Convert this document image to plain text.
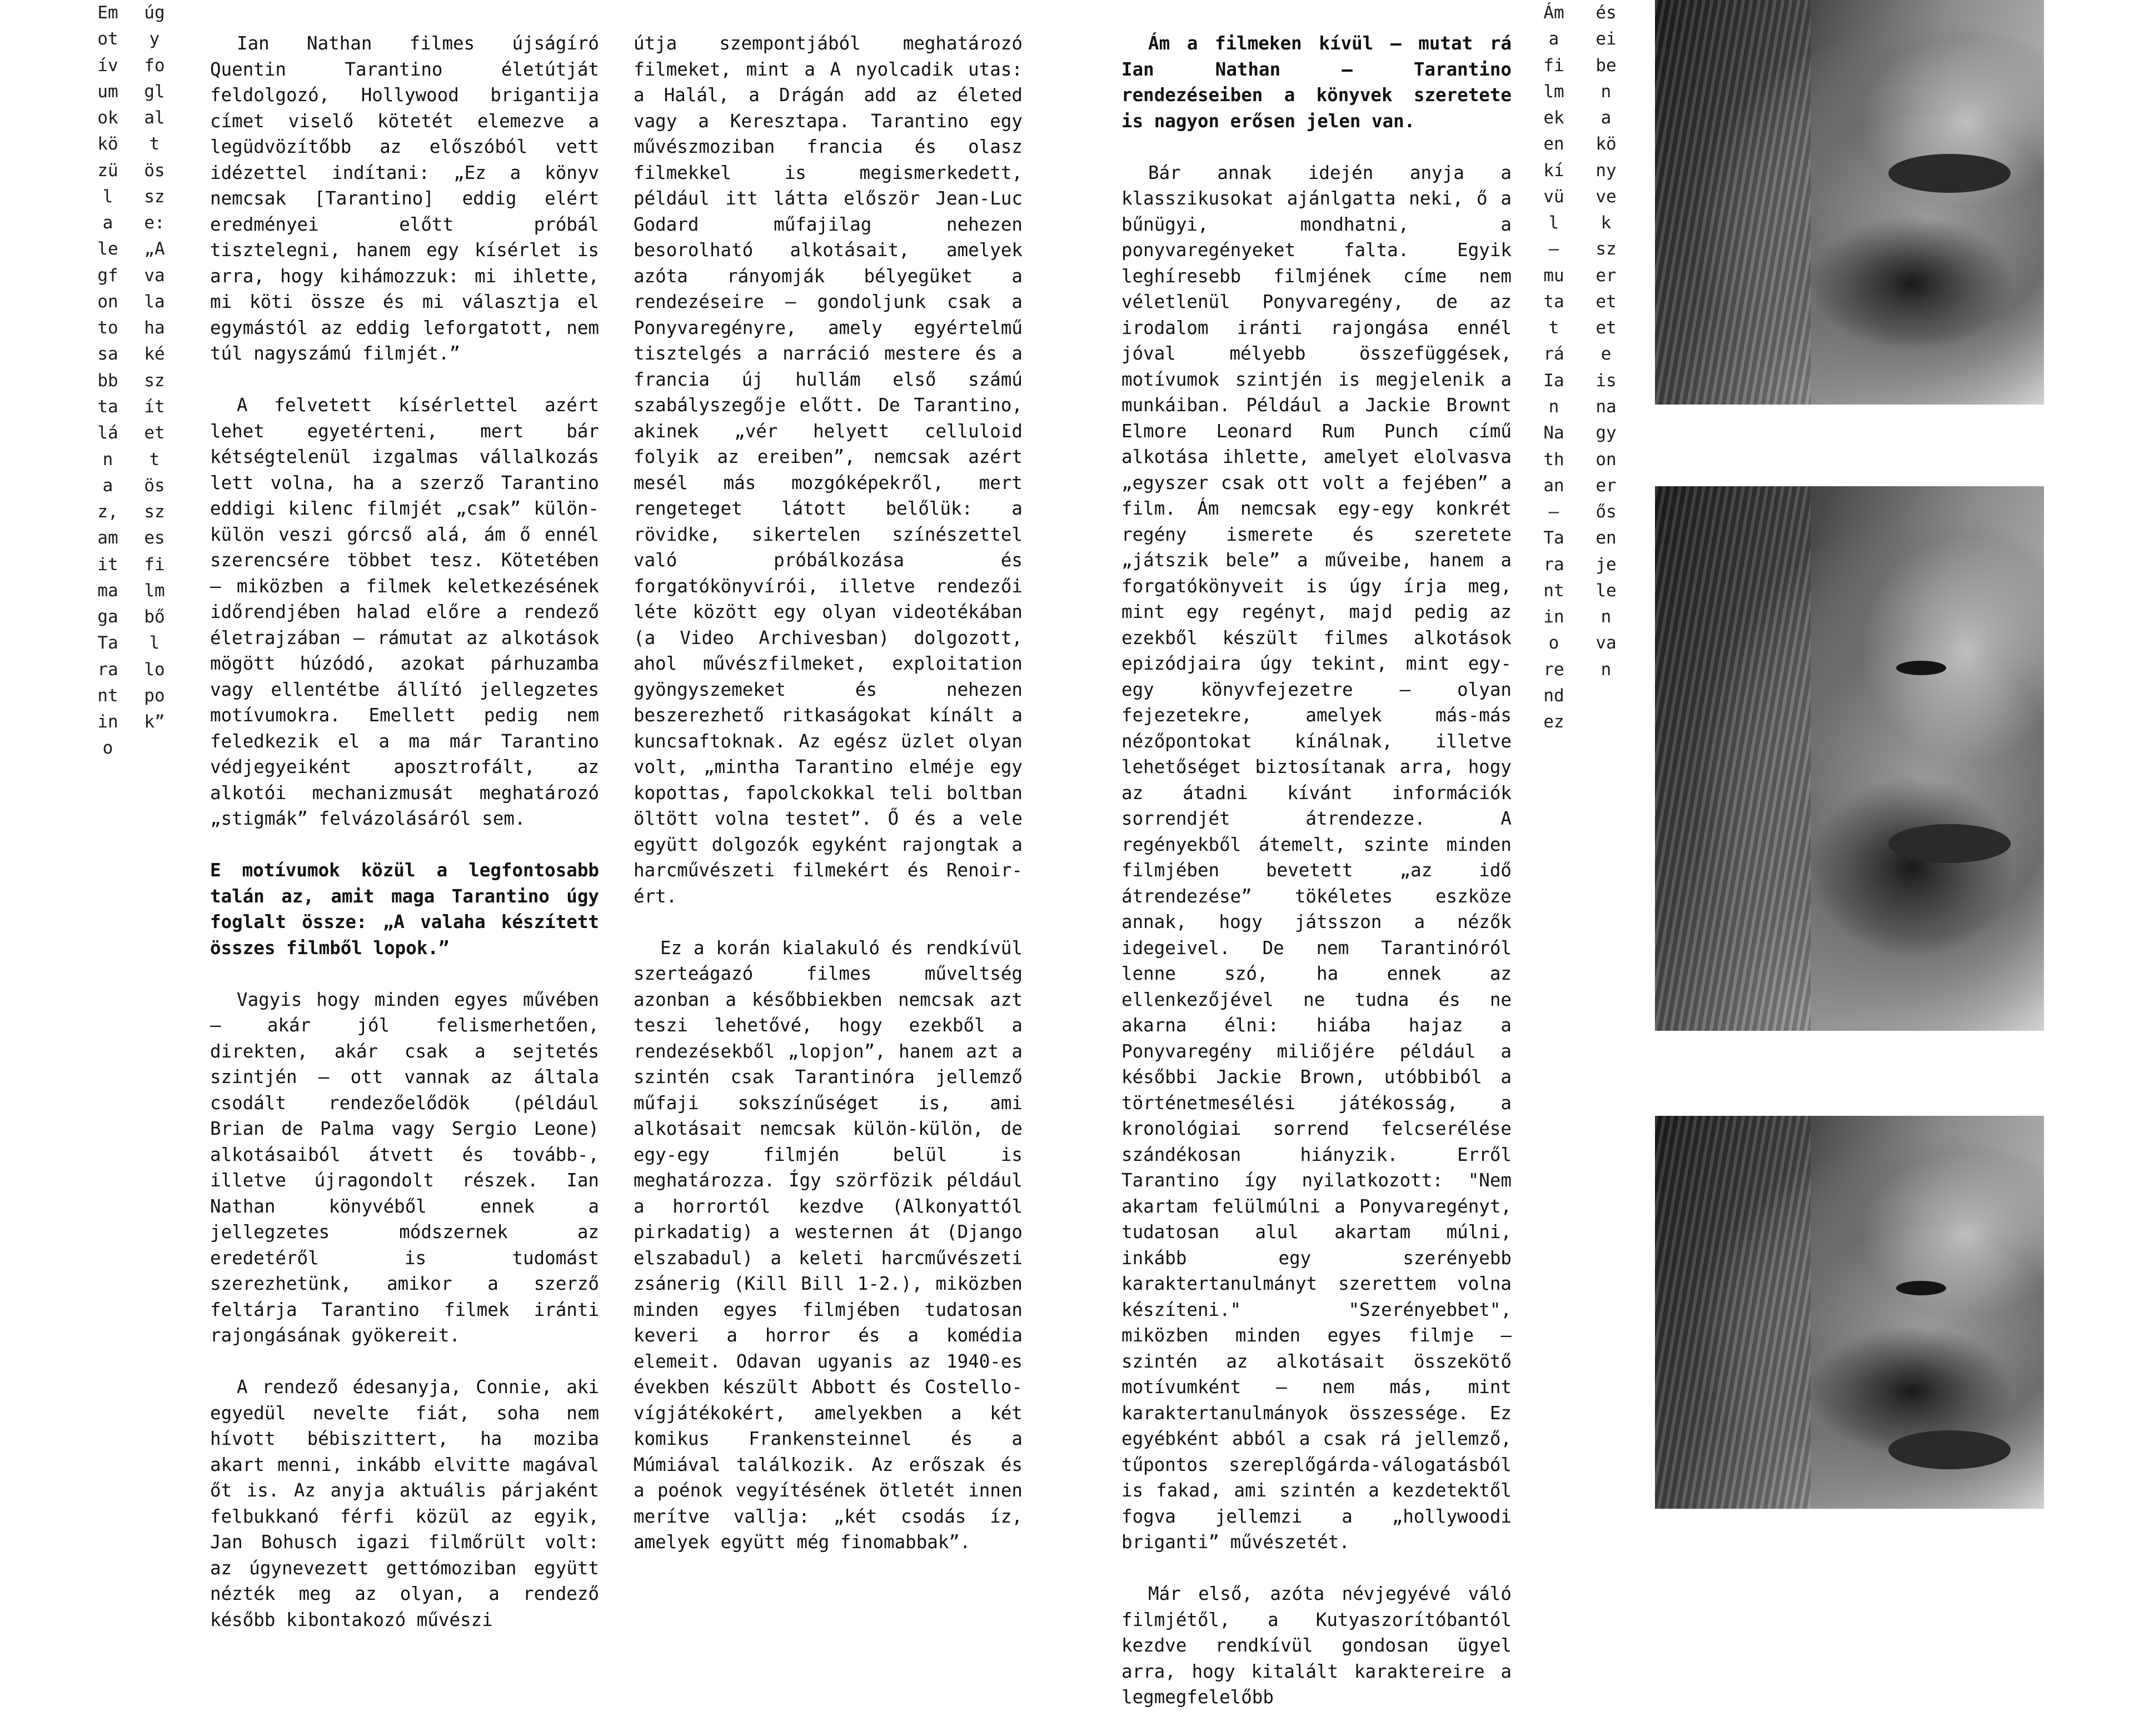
Emotívumok közül a legfontosabb talán az, amit maga Tarantino
úgy foglalt össze: „A valaha készített összes filmből lopok”

Ian Nathan filmes újságíró Quentin Tarantino életútját feldolgozó, Hollywood brigantija címet viselő kötetét elemezve a legüdvözítőbb az előszóból vett idézettel indítani: „Ez a könyv nemcsak [Tarantino] eddig elért eredményei előtt próbál tisztelegni, hanem egy kísérlet is arra, hogy kihámozzuk: mi ihlette, mi köti össze és mi választja el egymástól az eddig leforgatott, nem túl nagyszámú filmjét.”

A felvetett kísérlettel azért lehet egyetérteni, mert bár kétségtelenül izgalmas vállalkozás lett volna, ha a szerző Tarantino eddigi kilenc filmjét „csak” külön-külön veszi górcső alá, ám ő ennél szerencsére többet tesz. Kötetében – miközben a filmek keletkezésének időrendjében halad előre a rendező életrajzában – rámutat az alkotások mögött húzódó, azokat párhuzamba vagy ellentétbe állító jellegzetes motívumokra. Emellett pedig nem feledkezik el a ma már Tarantino védjegyeiként aposztrofált, az alkotói mechanizmusát meghatározó „stigmák” felvázolásáról sem.

E motívumok közül a legfontosabb talán az, amit maga Tarantino úgy foglalt össze: „A valaha készített összes filmből lopok.”

Vagyis hogy minden egyes művében – akár jól felismerhetően, direkten, akár csak a sejtetés szintjén – ott vannak az általa csodált rendezőelődök (például Brian de Palma vagy Sergio Leone) alkotásaiból átvett és tovább-, illetve újragondolt részek. Ian Nathan könyvéből ennek a jellegzetes módszernek az eredetéről is tudomást szerezhetünk, amikor a szerző feltárja Tarantino filmek iránti rajongásának gyökereit.

A rendező édesanyja, Connie, aki egyedül nevelte fiát, soha nem hívott bébiszittert, ha moziba akart menni, inkább elvitte magával őt is. Az anyja aktuális párjaként felbukkanó férfi közül az egyik, Jan Bohusch igazi filmőrült volt: az úgynevezett gettómoziban együtt nézték meg az olyan, a rendező később kibontakozó művészi

útja szempontjából meghatározó filmeket, mint a A nyolcadik utas: a Halál, a Drágán add az életed vagy a Keresztapa. Tarantino egy művészmoziban francia és olasz filmekkel is megismerkedett, például itt látta először Jean-Luc Godard műfajilag nehezen besorolható alkotásait, amelyek azóta rányomják bélyegüket a rendezéseire – gondoljunk csak a Ponyvaregényre, amely egyértelmű tisztelgés a narráció mestere és a francia új hullám első számú szabályszegője előtt. De Tarantino, akinek „vér helyett celluloid folyik az ereiben”, nemcsak azért mesél más mozgóképekről, mert rengeteget látott belőlük: a rövidke, sikertelen színészettel való próbálkozása és forgatókönyvírói, illetve rendezői léte között egy olyan videotékában (a Video Archivesban) dolgozott, ahol művészfilmeket, exploitation gyöngyszemeket és nehezen beszerezhető ritkaságokat kínált a kuncsaftoknak. Az egész üzlet olyan volt, „mintha Tarantino elméje egy kopottas, fapolckokkal teli boltban öltött volna testet”. Ő és a vele együtt dolgozók egyként rajongtak a harcművészeti filmekért és Renoir-ért.

Ez a korán kialakuló és rendkívül szerteágazó filmes műveltség azonban a későbbiekben nemcsak azt teszi lehetővé, hogy ezekből a rendezésekből „lopjon”, hanem azt a szintén csak Tarantinóra jellemző műfaji sokszínűséget is, ami alkotásait nemcsak külön-külön, de egy-egy filmjén belül is meghatározza. Így szörfözik például a horrortól kezdve (Alkonyattól pirkadatig) a westernen át (Django elszabadul) a keleti harcművészeti zsánerig (Kill Bill 1-2.), miközben minden egyes filmjében tudatosan keveri a horror és a komédia elemeit. Odavan ugyanis az 1940-es években készült Abbott és Costello-vígjátékokért, amelyekben a két komikus Frankensteinnel és a Múmiával találkozik. Az erőszak és a poénok vegyítésének ötletét innen merítve vallja: „két csodás íz, amelyek együtt még finomabbak”.

Ám a filmeken kívül – mutat rá Ian Nathan – Tarantino rendezéseiben a könyvek szeretete is nagyon erősen jelen van.

Bár annak idején anyja a klasszikusokat ajánlgatta neki, ő a bűnügyi, mondhatni, a ponyvaregényeket falta. Egyik leghíresebb filmjének címe nem véletlenül Ponyvaregény, de az irodalom iránti rajongása ennél jóval mélyebb összefüggések, motívumok szintjén is megjelenik a munkáiban. Például a Jackie Brownt Elmore Leonard Rum Punch című alkotása ihlette, amelyet elolvasva „egyszer csak ott volt a fejében” a film. Ám nemcsak egy-egy konkrét regény ismerete és szeretete „játszik bele” a műveibe, hanem a forgatókönyveit is úgy írja meg, mint egy regényt, majd pedig az ezekből készült filmes alkotások epizódjaira úgy tekint, mint egy-egy könyvfejezetre – olyan fejezetekre, amelyek más-más nézőpontokat kínálnak, illetve lehetőséget biztosítanak arra, hogy az átadni kívánt információk sorrendjét átrendezze. A regényekből átemelt, szinte minden filmjében bevetett „az idő átrendezése” tökéletes eszköze annak, hogy játsszon a nézők idegeivel. De nem Tarantinóról lenne szó, ha ennek az ellenkezőjével ne tudna és ne akarna élni: hiába hajaz a Ponyvaregény miliőjére például a későbbi Jackie Brown, utóbbiból a történetmesélési játékosság, a kronológiai sorrend felcserélése szándékosan hiányzik. Erről Tarantino így nyilatkozott: "Nem akartam felülmúlni a Ponyvaregényt, tudatosan alul akartam múlni, inkább egy szerényebb karaktertanulmányt szerettem volna készíteni." "Szerényebbet", miközben minden egyes filmje – szintén az alkotásait összekötő motívumként – nem más, mint karaktertanulmányok összessége. Ez egyébként abból a csak rá jellemző, tűpontos szereplőgárda-válogatásból is fakad, ami szintén a kezdetektől fogva jellemzi a „hollywoodi briganti” művészetét.

Már első, azóta névjegyévé váló filmjétől, a Kutyaszorítóbantól kezdve rendkívül gondosan ügyel arra, hogy kitalált karaktereire a legmegfelelőbb

Ám a filmeken kívül – mutat rá Ian Nathan – Tarantino rendez
ései ben a könyvek szeretete is nagyon erősen jelen van
